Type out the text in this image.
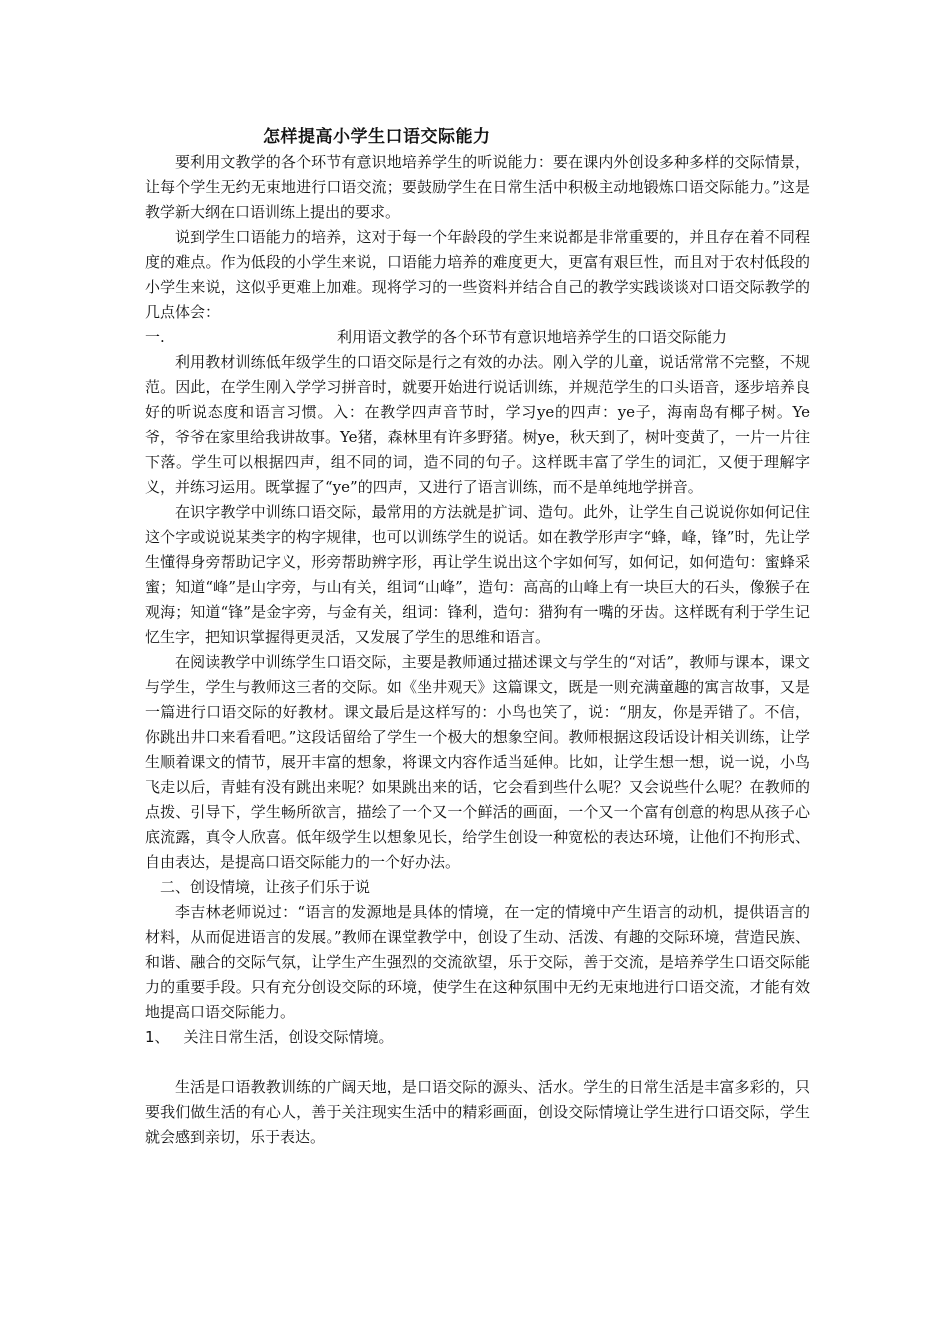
怎样提高小学生口语交际能力

要利用文教学的各个环节有意识地培养学生的听说能力：要在课内外创设多种多样的交际情景，让每个学生无约无束地进行口语交流；要鼓励学生在日常生活中积极主动地锻炼口语交际能力。”这是教学新大纲在口语训练上提出的要求。

说到学生口语能力的培养，这对于每一个年龄段的学生来说都是非常重要的，并且存在着不同程度的难点。作为低段的小学生来说，口语能力培养的难度更大，更富有艰巨性，而且对于农村低段的小学生来说，这似乎更难上加难。现将学习的一些资料并结合自己的教学实践谈谈对口语交际教学的几点体会：

一.	利用语文教学的各个环节有意识地培养学生的口语交际能力

利用教材训练低年级学生的口语交际是行之有效的办法。刚入学的儿童，说话常常不完整，不规范。因此，在学生刚入学学习拼音时，就要开始进行说话训练，并规范学生的口头语音，逐步培养良好的听说态度和语言习惯。入：在教学四声音节时，学习ye的四声：ye子，海南岛有椰子树。Ye爷，爷爷在家里给我讲故事。Ye猪，森林里有许多野猪。树ye，秋天到了，树叶变黄了，一片一片往下落。学生可以根据四声，组不同的词，造不同的句子。这样既丰富了学生的词汇，又便于理解字义，并练习运用。既掌握了“ye”的四声，又进行了语言训练，而不是单纯地学拼音。

在识字教学中训练口语交际，最常用的方法就是扩词、造句。此外，让学生自己说说你如何记住这个字或说说某类字的构字规律，也可以训练学生的说话。如在教学形声字“蜂，峰，锋”时，先让学生懂得身旁帮助记字义，形旁帮助辨字形，再让学生说出这个字如何写，如何记，如何造句：蜜蜂采蜜；知道“峰”是山字旁，与山有关，组词“山峰”，造句：高高的山峰上有一块巨大的石头，像猴子在观海；知道“锋”是金字旁，与金有关，组词：锋利，造句：猎狗有一嘴的牙齿。这样既有利于学生记忆生字，把知识掌握得更灵活，又发展了学生的思维和语言。

在阅读教学中训练学生口语交际，主要是教师通过描述课文与学生的“对话”，教师与课本，课文与学生，学生与教师这三者的交际。如《坐井观天》这篇课文，既是一则充满童趣的寓言故事，又是一篇进行口语交际的好教材。课文最后是这样写的：小鸟也笑了，说：“朋友，你是弄错了。不信，你跳出井口来看看吧。”这段话留给了学生一个极大的想象空间。教师根据这段话设计相关训练，让学生顺着课文的情节，展开丰富的想象，将课文内容作适当延伸。比如，让学生想一想，说一说，小鸟飞走以后，青蛙有没有跳出来呢？如果跳出来的话，它会看到些什么呢？又会说些什么呢？在教师的点拨、引导下，学生畅所欲言，描绘了一个又一个鲜活的画面，一个又一个富有创意的构思从孩子心底流露，真令人欣喜。低年级学生以想象见长，给学生创设一种宽松的表达环境，让他们不拘形式、自由表达，是提高口语交际能力的一个好办法。

二、创设情境，让孩子们乐于说

李吉林老师说过：“语言的发源地是具体的情境，在一定的情境中产生语言的动机，提供语言的材料，从而促进语言的发展。”教师在课堂教学中，创设了生动、活泼、有趣的交际环境，营造民族、和谐、融合的交际气氛，让学生产生强烈的交流欲望，乐于交际，善于交流，是培养学生口语交际能力的重要手段。只有充分创设交际的环境，使学生在这种氛围中无约无束地进行口语交流，才能有效地提高口语交际能力。

1、 关注日常生活，创设交际情境。

生活是口语教教训练的广阔天地，是口语交际的源头、活水。学生的日常生活是丰富多彩的，只要我们做生活的有心人，善于关注现实生活中的精彩画面，创设交际情境让学生进行口语交际，学生就会感到亲切，乐于表达。
